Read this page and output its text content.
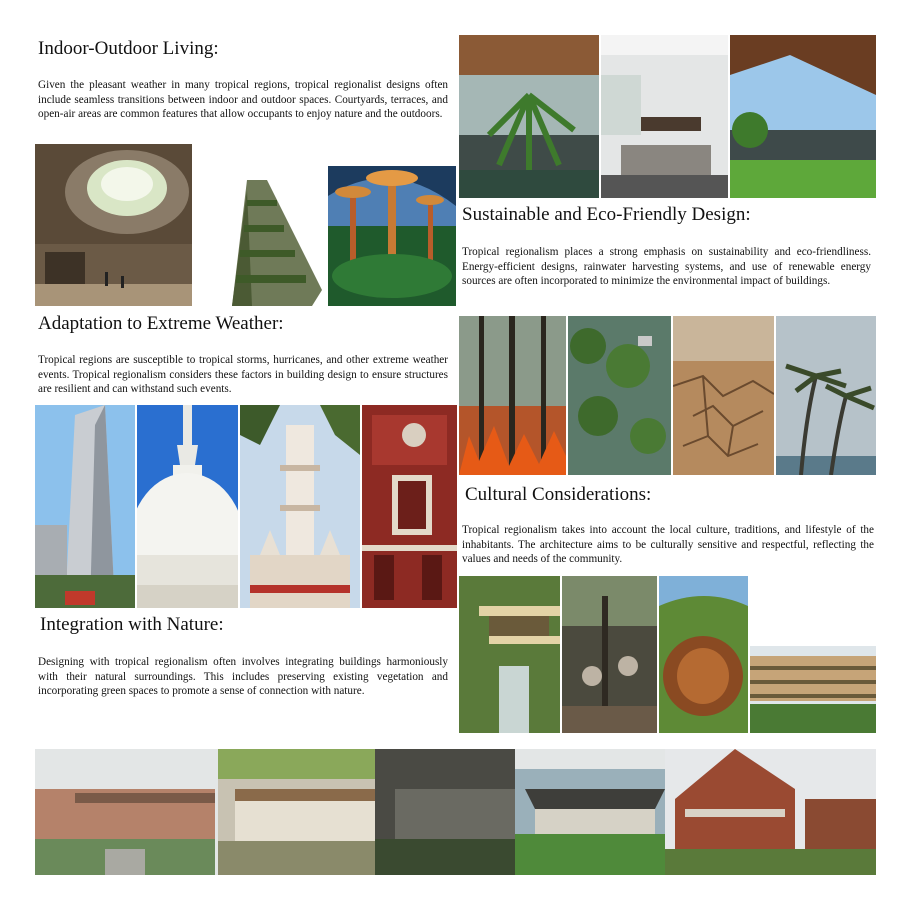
Indoor-Outdoor Living:
Given the pleasant weather in many tropical regions, tropical regionalist designs often include seamless transitions between indoor and outdoor spaces. Courtyards, terraces, and open-air areas are common features that allow occupants to enjoy nature and the outdoors.
Adaptation to Extreme Weather:
Tropical regions are susceptible to tropical storms, hurricanes, and other extreme weather events. Tropical regionalism considers these factors in building design to ensure structures are resilient and can withstand such events.
Integration with Nature:
Designing with tropical regionalism often involves integrating buildings harmoniously with their natural surroundings. This includes preserving existing vegetation and incorporating green spaces to promote a sense of connection with nature.
Sustainable and Eco-Friendly Design:
Tropical regionalism places a strong emphasis on sustainability and eco-friendliness. Energy-efficient designs, rainwater harvesting systems, and use of renewable energy sources are often incorporated to minimize the environmental impact of buildings.
Cultural Considerations:
Tropical regionalism takes into account the local culture, traditions, and lifestyle of the inhabitants. The architecture aims to be culturally sensitive and respectful, reflecting the values and needs of the community.
